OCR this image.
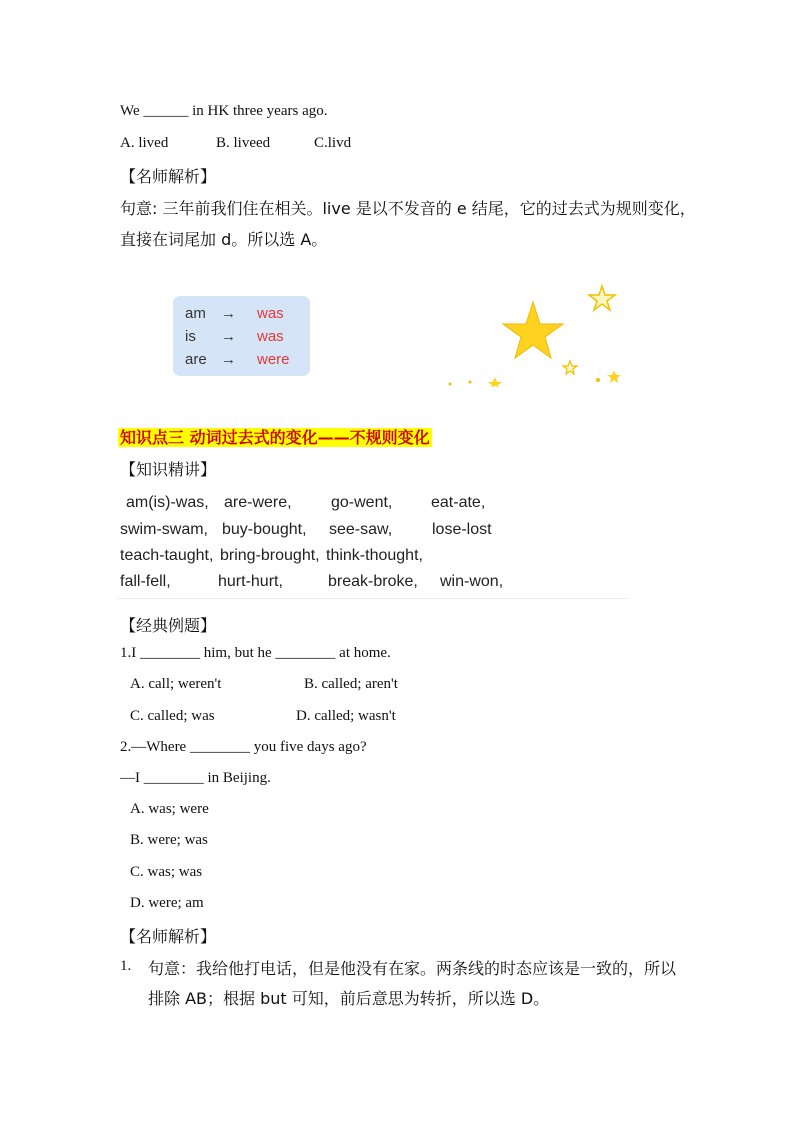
We ______ in HK three years ago.
A. lived	B. liveed	C.livd
【名师解析】
句意: 三年前我们住在相关。live 是以不发音的 e 结尾，它的过去式为规则变化，
直接在词尾加 d。所以选 A。
am → was
is → was
are → were
知识点三 动词过去式的变化——不规则变化
【知识精讲】
am(is)-was, are-were, go-went, eat-ate,
swim-swam, buy-bought, see-saw, lose-lost
teach-taught, bring-brought, think-thought,
fall-fell,	hurt-hurt,	break-broke, win-won,
【经典例题】
1.I ________ him, but he ________ at home.
A. call; weren't	B. called; aren't
C. called; was	D. called; wasn't
2.—Where ________ you five days ago?
—I ________ in Beijing.
A. was; were
B. were; was
C. was; was
D. were; am
【名师解析】
1. 句意：我给他打电话，但是他没有在家。两条线的时态应该是一致的，所以
排除 AB；根据 but 可知，前后意思为转折，所以选 D。
